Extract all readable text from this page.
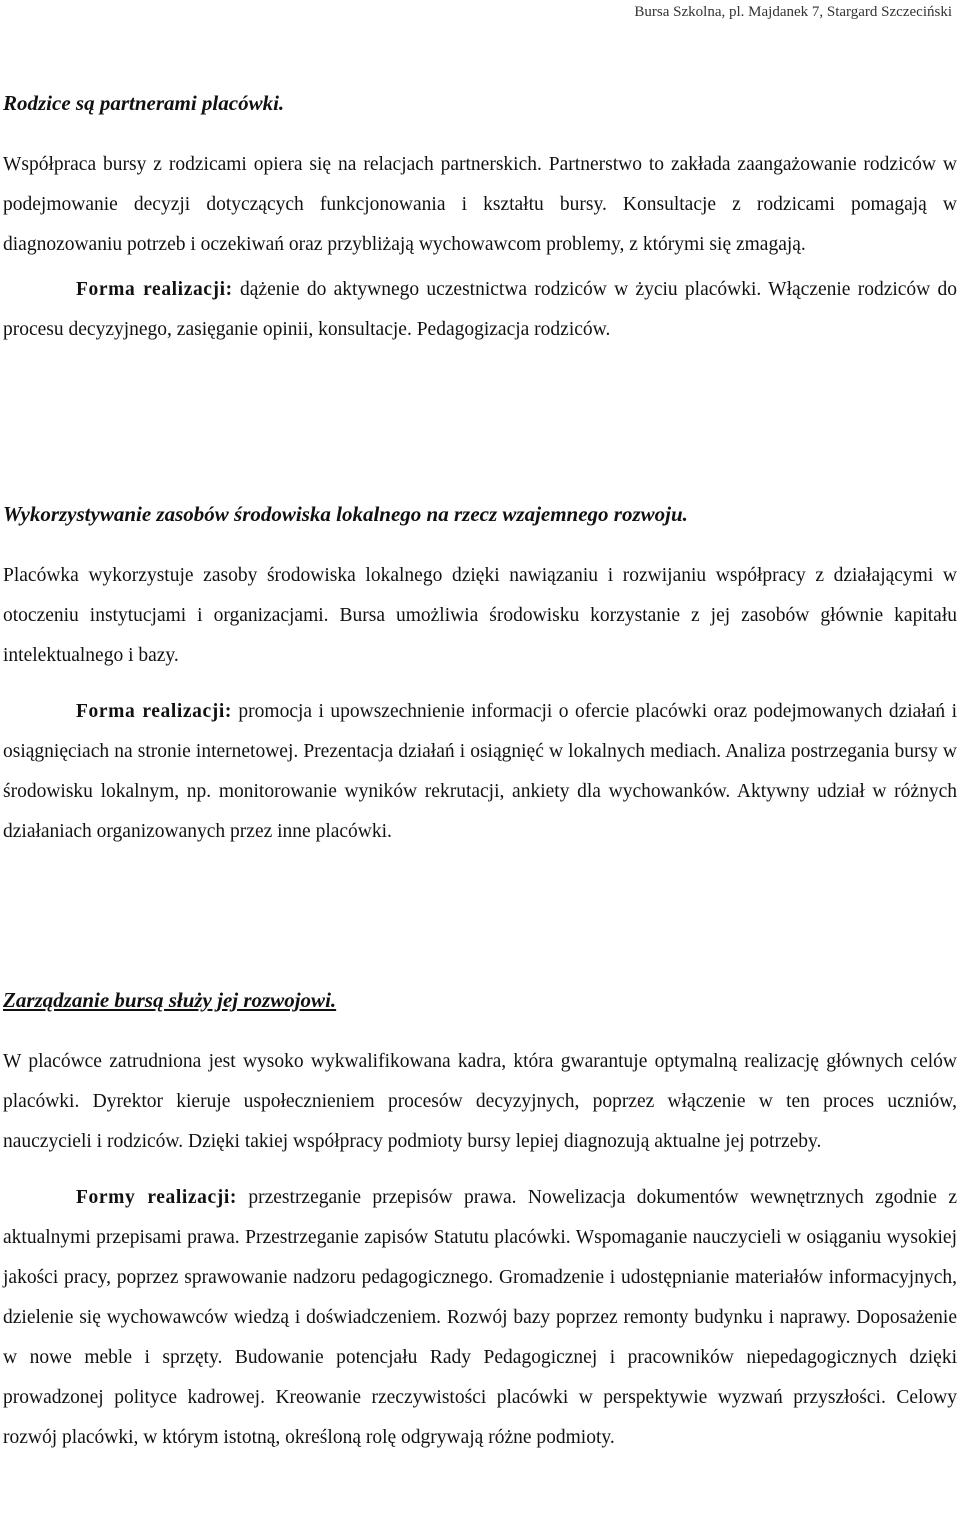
Bursa Szkolna, pl. Majdanek 7, Stargard Szczeciński
Rodzice są partnerami placówki.

Współpraca bursy z rodzicami opiera się na relacjach partnerskich. Partnerstwo to zakłada zaangażowanie rodziców w podejmowanie decyzji dotyczących funkcjonowania i kształtu bursy. Konsultacje z rodzicami pomagają w diagnozowaniu potrzeb i oczekiwań oraz przybliżają wychowawcom problemy, z którymi się zmagają.

Forma realizacji: dążenie do aktywnego uczestnictwa rodziców w życiu placówki. Włączenie rodziców do procesu decyzyjnego, zasięganie opinii, konsultacje. Pedagogizacja rodziców.

Wykorzystywanie zasobów środowiska lokalnego na rzecz wzajemnego rozwoju.

Placówka wykorzystuje zasoby środowiska lokalnego dzięki nawiązaniu i rozwijaniu współpracy z działającymi w otoczeniu instytucjami i organizacjami. Bursa umożliwia środowisku korzystanie z jej zasobów głównie kapitału intelektualnego i bazy.

Forma realizacji: promocja i upowszechnienie informacji o ofercie placówki oraz podejmowanych działań i osiągnięciach na stronie internetowej. Prezentacja działań i osiągnięć w lokalnych mediach. Analiza postrzegania bursy w środowisku lokalnym, np. monitorowanie wyników rekrutacji, ankiety dla wychowanków. Aktywny udział w różnych działaniach organizowanych przez inne placówki.

Zarządzanie bursą służy jej rozwojowi.

W placówce zatrudniona jest wysoko wykwalifikowana kadra, która gwarantuje optymalną realizację głównych celów placówki. Dyrektor kieruje uspołecznieniem procesów decyzyjnych, poprzez włączenie w ten proces uczniów, nauczycieli i rodziców. Dzięki takiej współpracy podmioty bursy lepiej diagnozują aktualne jej potrzeby.

Formy realizacji: przestrzeganie przepisów prawa. Nowelizacja dokumentów wewnętrznych zgodnie z aktualnymi przepisami prawa. Przestrzeganie zapisów Statutu placówki. Wspomaganie nauczycieli w osiąganiu wysokiej jakości pracy, poprzez sprawowanie nadzoru pedagogicznego. Gromadzenie i udostępnianie materiałów informacyjnych, dzielenie się wychowawców wiedzą i doświadczeniem. Rozwój bazy poprzez remonty budynku i naprawy. Doposażenie w nowe meble i sprzęty. Budowanie potencjału Rady Pedagogicznej i pracowników niepedagogicznych dzięki prowadzonej polityce kadrowej. Kreowanie rzeczywistości placówki w perspektywie wyzwań przyszłości. Celowy rozwój placówki, w którym istotną, określoną rolę odgrywają różne podmioty.
